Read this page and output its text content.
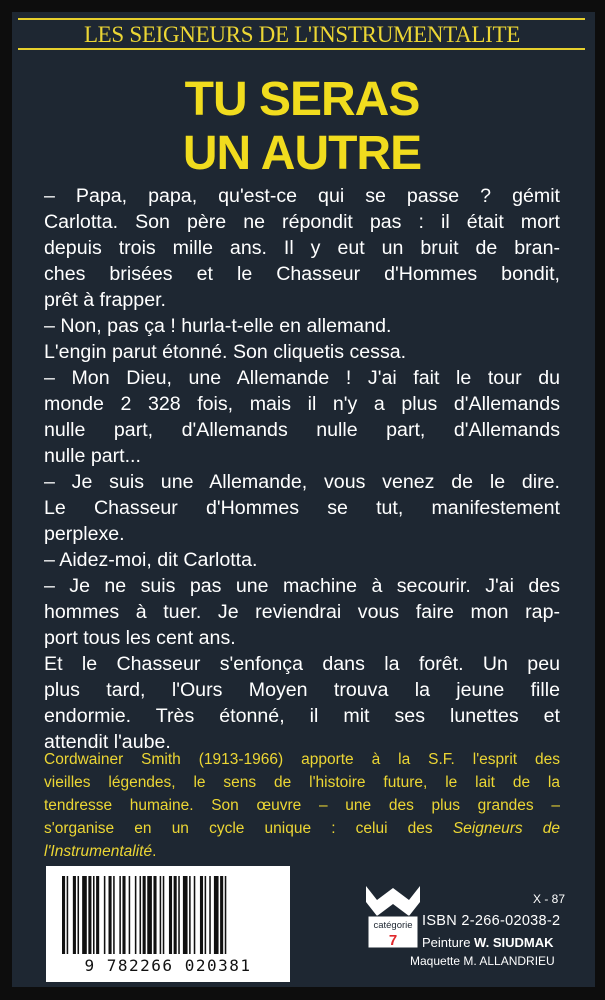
LES SEIGNEURS DE L'INSTRUMENTALITE
TU SERAS
UN AUTRE
– Papa, papa, qu'est-ce qui se passe ? gémit
Carlotta. Son père ne répondit pas : il était mort
depuis trois mille ans. Il y eut un bruit de bran-
ches brisées et le Chasseur d'Hommes bondit,
prêt à frapper.
– Non, pas ça ! hurla-t-elle en allemand.
L'engin parut étonné. Son cliquetis cessa.
– Mon Dieu, une Allemande ! J'ai fait le tour du
monde 2 328 fois, mais il n'y a plus d'Allemands
nulle part, d'Allemands nulle part, d'Allemands
nulle part...
– Je suis une Allemande, vous venez de le dire.
Le Chasseur d'Hommes se tut, manifestement
perplexe.
– Aidez-moi, dit Carlotta.
– Je ne suis pas une machine à secourir. J'ai des
hommes à tuer. Je reviendrai vous faire mon rap-
port tous les cent ans.
Et le Chasseur s'enfonça dans la forêt. Un peu
plus tard, l'Ours Moyen trouva la jeune fille
endormie. Très étonné, il mit ses lunettes et
attendit l'aube.
Cordwainer Smith (1913-1966) apporte à la S.F. l'esprit des
vieilles légendes, le sens de l'histoire future, le lait de la
tendresse humaine. Son œuvre – une des plus grandes –
s'organise en un cycle unique : celui des Seigneurs de
l'Instrumentalité.
9 782266 020381
catégorie
7
X - 87
ISBN 2-266-02038-2
Peinture W. SIUDMAK
Maquette M. ALLANDRIEU
